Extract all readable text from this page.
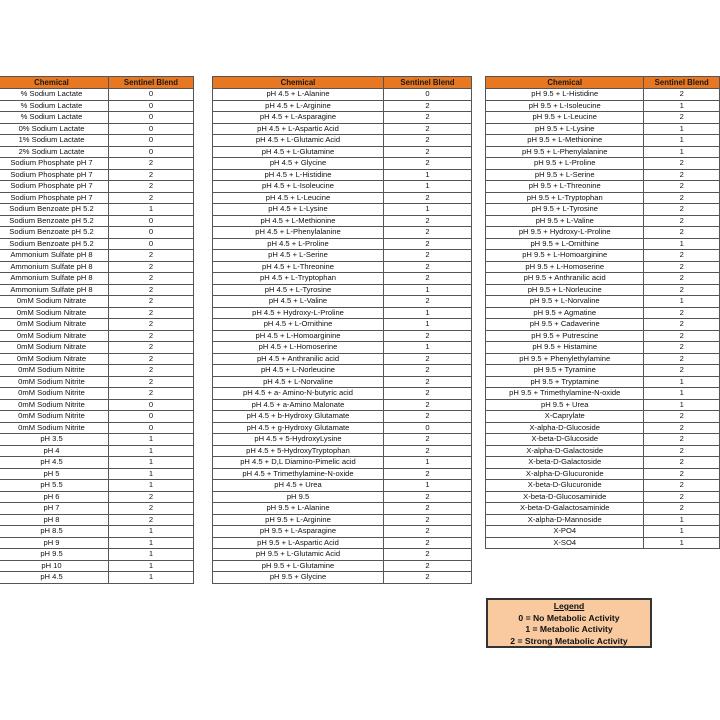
Chemical	Sentinel Blend
% Sodium Lactate	0
% Sodium Lactate	0
% Sodium Lactate	0
0% Sodium Lactate	0
1% Sodium Lactate	0
2% Sodium Lactate	0
Sodium Phosphate pH 7	2
Sodium Phosphate pH 7	2
Sodium Phosphate pH 7	2
Sodium Phosphate pH 7	2
Sodium Benzoate pH 5.2	1
Sodium Benzoate pH 5.2	0
Sodium Benzoate pH 5.2	0
Sodium Benzoate pH 5.2	0
Ammonium Sulfate pH 8	2
Ammonium Sulfate pH 8	2
Ammonium Sulfate pH 8	2
Ammonium Sulfate pH 8	2
0mM Sodium Nitrate	2
0mM Sodium Nitrate	2
0mM Sodium Nitrate	2
0mM Sodium Nitrate	2
0mM Sodium Nitrate	2
0mM Sodium Nitrate	2
0mM Sodium Nitrite	2
0mM Sodium Nitrite	2
0mM Sodium Nitrite	2
0mM Sodium Nitrite	0
0mM Sodium Nitrite	0
0mM Sodium Nitrite	0
pH 3.5	1
pH 4	1
pH 4.5	1
pH 5	1
pH 5.5	1
pH 6	2
pH 7	2
pH 8	2
pH 8.5	1
pH 9	1
pH 9.5	1
pH 10	1
pH 4.5	1
Chemical	Sentinel Blend
pH 4.5 + L-Alanine	0
pH 4.5 + L-Arginine	2
pH 4.5 + L-Asparagine	2
pH 4.5 + L-Aspartic Acid	2
pH 4.5 + L-Glutamic Acid	2
pH 4.5 + L-Glutamine	2
pH 4.5 + Glycine	2
pH 4.5 + L-Histidine	1
pH 4.5 + L-Isoleucine	1
pH 4.5 + L-Leucine	2
pH 4.5 + L-Lysine	1
pH 4.5 + L-Methionine	2
pH 4.5 + L-Phenylalanine	2
pH 4.5 + L-Proline	2
pH 4.5 + L-Serine	2
pH 4.5 + L-Threonine	2
pH 4.5 + L-Tryptophan	2
pH 4.5 + L-Tyrosine	1
pH 4.5 + L-Valine	2
pH 4.5 + Hydroxy-L-Proline	1
pH 4.5 + L-Ornithine	1
pH 4.5 + L-Homoarginine	2
pH 4.5 + L-Homoserine	1
pH 4.5 + Anthranilic acid	2
pH 4.5 + L-Norleucine	2
pH 4.5 + L-Norvaline	2
pH 4.5 + a- Amino-N-butyric acid	2
pH 4.5 + a-Amino Malonate	2
pH 4.5 + b-Hydroxy Glutamate	2
pH 4.5 + g-Hydroxy Glutamate	0
pH 4.5 + 5-HydroxyLysine	2
pH 4.5 + 5-HydroxyTryptophan	2
pH 4.5 + D,L Diamino-Pimelic acid	1
pH 4.5 + Trimethylamine-N-oxide	2
pH 4.5 + Urea	1
pH 9.5	2
pH 9.5 + L-Alanine	2
pH 9.5 + L-Arginine	2
pH 9.5 + L-Asparagine	2
pH 9.5 + L-Aspartic Acid	2
pH 9.5 + L-Glutamic Acid	2
pH 9.5 + L-Glutamine	2
pH 9.5 + Glycine	2
Chemical	Sentinel Blend
pH 9.5 + L-Histidine	2
pH 9.5 + L-Isoleucine	1
pH 9.5 + L-Leucine	2
pH 9.5 + L-Lysine	1
pH 9.5 + L-Methionine	1
pH 9.5 + L-Phenylalanine	1
pH 9.5 + L-Proline	2
pH 9.5 + L-Serine	2
pH 9.5 + L-Threonine	2
pH 9.5 + L-Tryptophan	2
pH 9.5 + L-Tyrosine	2
pH 9.5 + L-Valine	2
pH 9.5 + Hydroxy-L-Proline	2
pH 9.5 + L-Ornithine	1
pH 9.5 + L-Homoarginine	2
pH 9.5 + L-Homoserine	2
pH 9.5 + Anthranilic acid	2
pH 9.5 + L-Norleucine	2
pH 9.5 + L-Norvaline	1
pH 9.5 + Agmatine	2
pH 9.5 + Cadaverine	2
pH 9.5 + Putrescine	2
pH 9.5 + Histamine	2
pH 9.5 + Phenylethylamine	2
pH 9.5 + Tyramine	2
pH 9.5 + Tryptamine	1
pH 9.5 + Trimethylamine-N-oxide	1
pH 9.5 + Urea	1
X-Caprylate	2
X-alpha-D-Glucoside	2
X-beta-D-Glucoside	2
X-alpha-D-Galactoside	2
X-beta-D-Galactoside	2
X-alpha-D-Glucuronide	2
X-beta-D-Glucuronide	2
X-beta-D-Glucosaminide	2
X-beta-D-Galactosaminide	2
X-alpha-D-Mannoside	1
X-PO4	1
X-SO4	1
Legend
0 = No Metabolic Activity
1 = Metabolic Activity
2 = Strong Metabolic Activity
